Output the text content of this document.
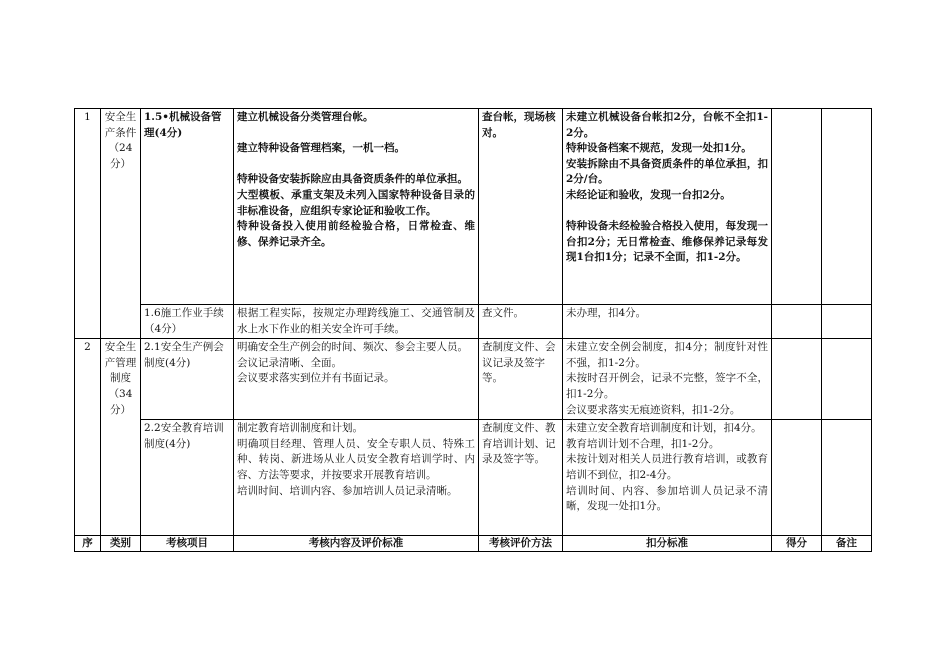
1	安全生产条件（24分）	1.5•机械设备管理(4分)	建立机械设备分类管理台帐。
建立特种设备管理档案，一机一档。
特种设备安装拆除应由具备资质条件的单位承担。
大型模板、承重支架及未列入国家特种设备目录的非标准设备，应组织专家论证和验收工作。
特种设备投入使用前经检验合格，日常检查、维修、保养记录齐全。	查台帐，现场核对。	未建立机械设备台帐扣2分，台帐不全扣1-2分。
特种设备档案不规范，发现一处扣1分。
安装拆除由不具备资质条件的单位承担，扣2分/台。
未经论证和验收，发现一台扣2分。
特种设备未经检验合格投入使用，每发现一台扣2分；无日常检查、维修保养记录每发现1台扣1分；记录不全面，扣1-2分。		

		1.6施工作业手续（4分）	根据工程实际，按规定办理跨线施工、交通管制及水上水下作业的相关安全许可手续。	查文件。	未办理，扣4分。		

2	安全生产管理制度（34分）	2.1安全生产例会制度(4分)	明确安全生产例会的时间、频次、参会主要人员。
会议记录清晰、全面。
会议要求落实到位并有书面记录。	查制度文件、会议记录及签字等。	未建立安全例会制度，扣4分；制度针对性不强，扣1-2分。
未按时召开例会，记录不完整，签字不全，扣1-2分。
会议要求落实无痕迹资料，扣1-2分。		

		2.2安全教育培训制度(4分)	制定教育培训制度和计划。
明确项目经理、管理人员、安全专职人员、特殊工种、转岗、新进场从业人员安全教育培训学时、内容、方法等要求，并按要求开展教育培训。
培训时间、培训内容、参加培训人员记录清晰。	查制度文件、教育培训计划、记录及签字等。	未建立安全教育培训制度和计划，扣4分。
教育培训计划不合理，扣1-2分。
未按计划对相关人员进行教育培训，或教育培训不到位，扣2-4分。
培训时间、内容、参加培训人员记录不清晰，发现一处扣1分。		

序	类别	考核项目	考核内容及评价标准	考核评价方法	扣分标准	得分	备注
